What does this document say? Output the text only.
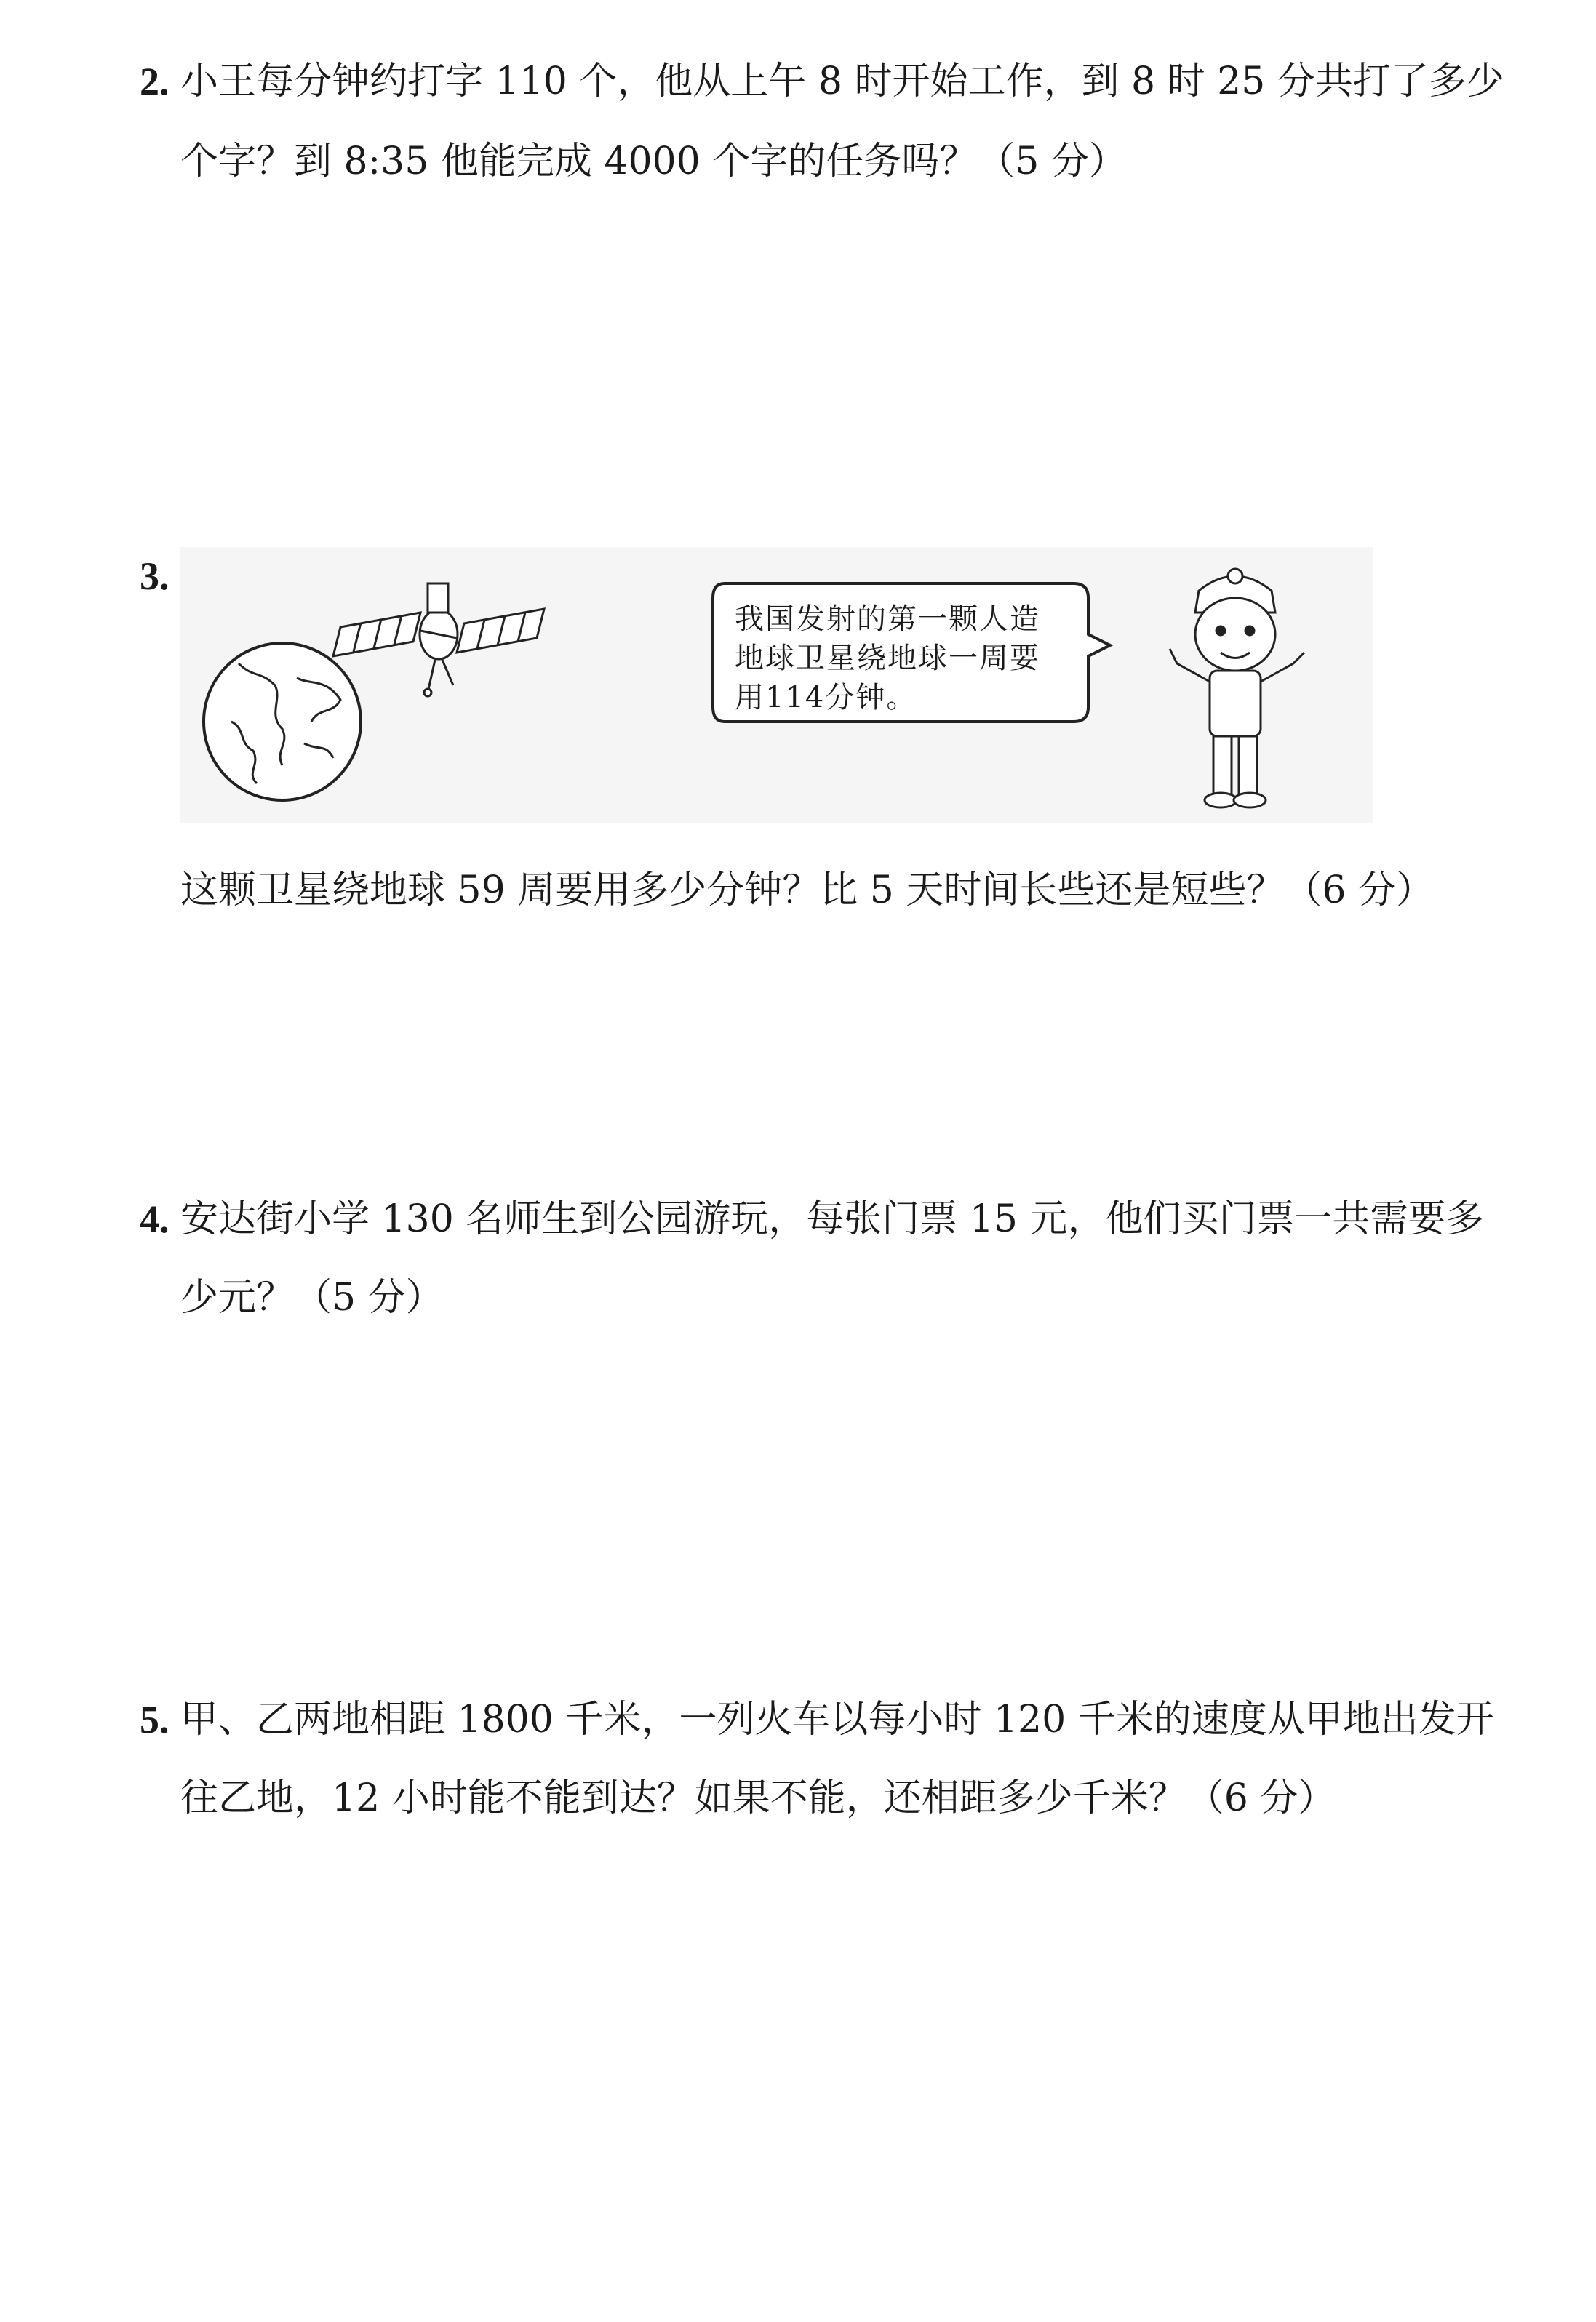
2. 小王每分钟约打字 110 个，他从上午 8 时开始工作，到 8 时 25 分共打了多少

个字？到 8:35 他能完成 4000 个字的任务吗？（5 分）

3.

我国发射的第一颗人造
地球卫星绕地球一周要
用114分钟。

这颗卫星绕地球 59 周要用多少分钟？比 5 天时间长些还是短些？（6 分）

4. 安达街小学 130 名师生到公园游玩，每张门票 15 元，他们买门票一共需要多

少元？（5 分）

5. 甲、乙两地相距 1800 千米，一列火车以每小时 120 千米的速度从甲地出发开

往乙地，12 小时能不能到达？如果不能，还相距多少千米？（6 分）
